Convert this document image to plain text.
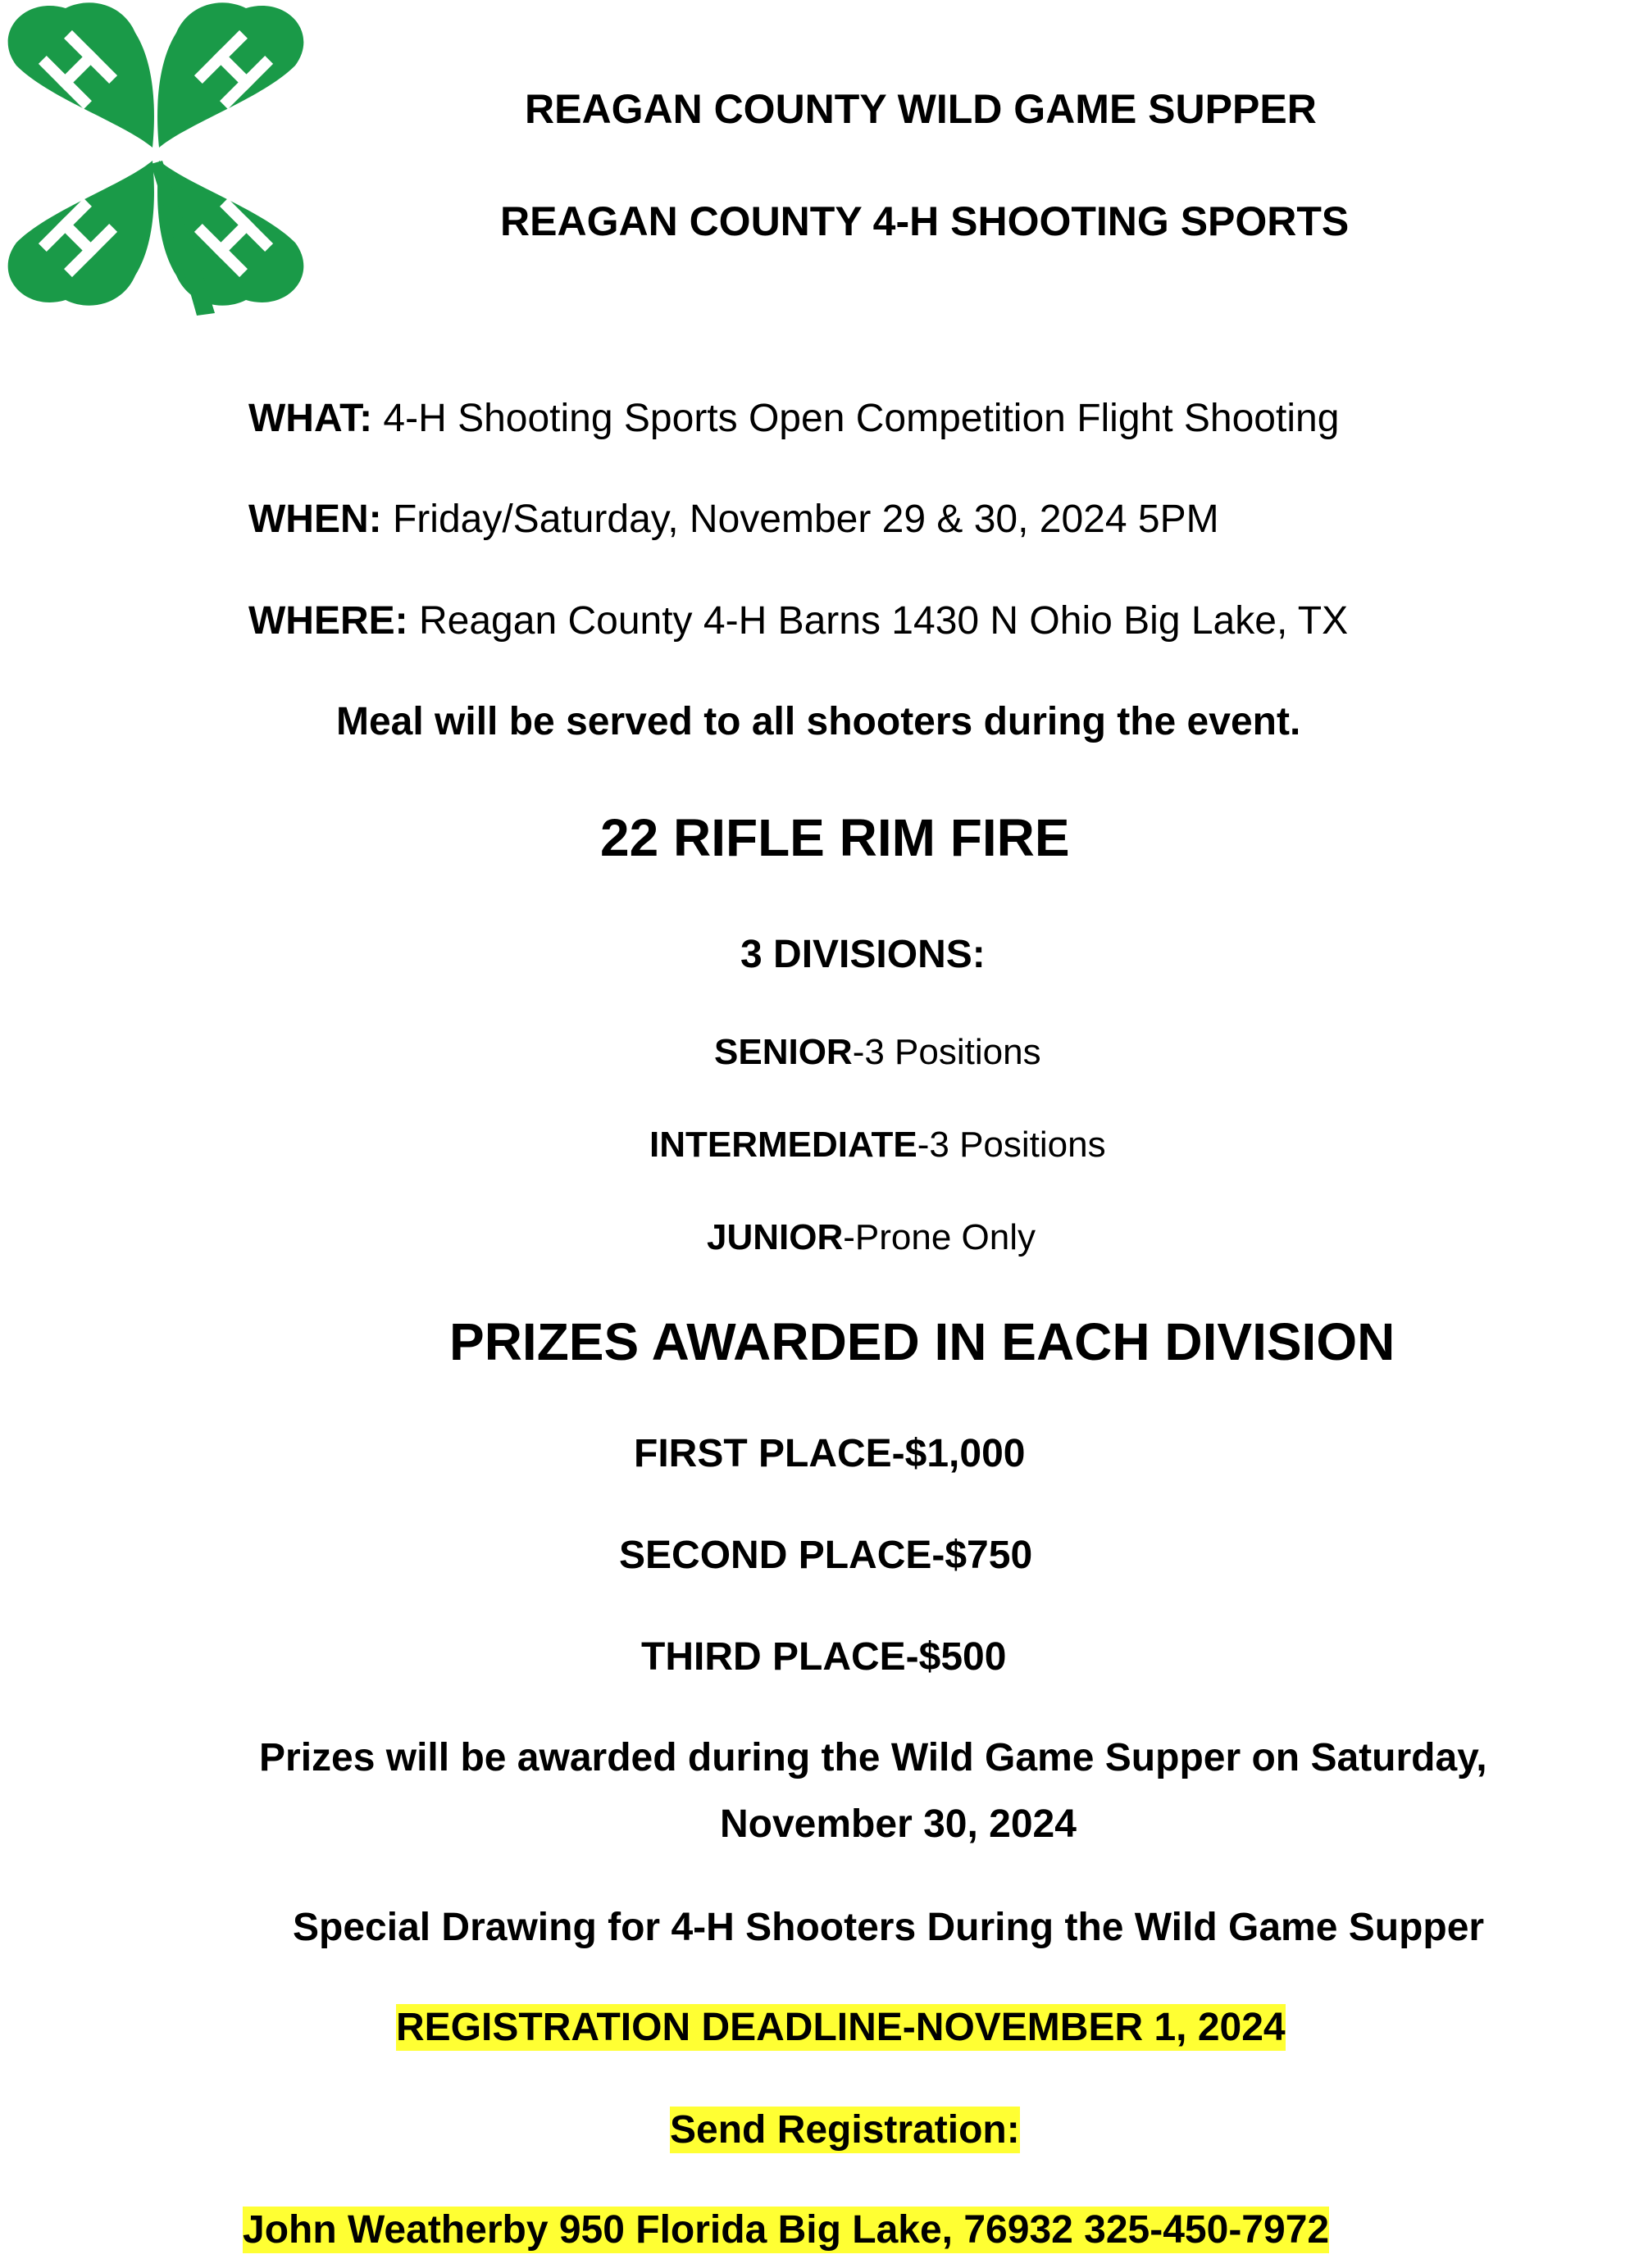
REAGAN COUNTY WILD GAME SUPPER
REAGAN COUNTY 4-H SHOOTING SPORTS
WHAT: 4-H Shooting Sports Open Competition Flight Shooting
WHEN: Friday/Saturday, November 29 & 30, 2024 5PM
WHERE: Reagan County 4-H Barns 1430 N Ohio Big Lake, TX
Meal will be served to all shooters during the event.
22 RIFLE RIM FIRE
3 DIVISIONS:
SENIOR-3 Positions
INTERMEDIATE-3 Positions
JUNIOR-Prone Only
PRIZES AWARDED IN EACH DIVISION
FIRST PLACE-$1,000
SECOND PLACE-$750
THIRD PLACE-$500
Prizes will be awarded during the Wild Game Supper on Saturday,
November 30, 2024
Special Drawing for 4-H Shooters During the Wild Game Supper
REGISTRATION DEADLINE-NOVEMBER 1, 2024
Send Registration:
John Weatherby 950 Florida Big Lake, 76932 325-450-7972
